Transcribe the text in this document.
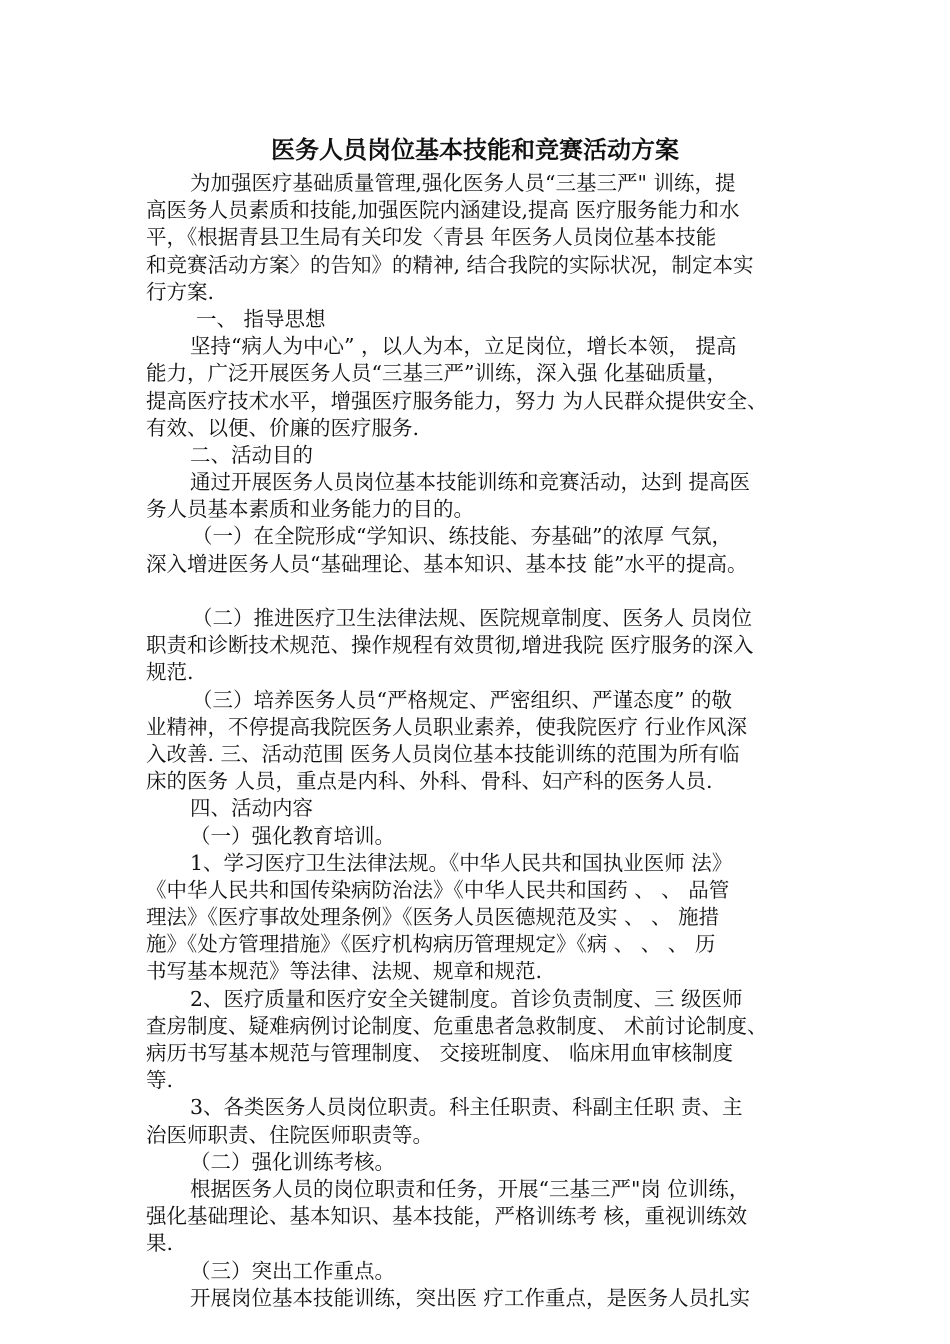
医务人员岗位基本技能和竞赛活动方案
为加强医疗基础质量管理,强化医务人员“三基三严" 训练，提
高医务人员素质和技能,加强医院内涵建设,提高 医疗服务能力和水
平，《根据青县卫生局有关印发〈青县 年医务人员岗位基本技能
和竞赛活动方案〉的告知》的精神, 结合我院的实际状况，制定本实
行方案.
一、 指导思想
坚持“病人为中心” ，以人为本，立足岗位，增长本领， 提高
能力，广泛开展医务人员“三基三严”训练，深入强 化基础质量，
提高医疗技术水平，增强医疗服务能力，努力 为人民群众提供安全、
有效、以便、价廉的医疗服务.
二、活动目的
通过开展医务人员岗位基本技能训练和竞赛活动，达到 提高医
务人员基本素质和业务能力的目的。
（一）在全院形成“学知识、练技能、夯基础”的浓厚 气氛，
深入增进医务人员“基础理论、基本知识、基本技 能”水平的提高。
（二）推进医疗卫生法律法规、医院规章制度、医务人 员岗位
职责和诊断技术规范、操作规程有效贯彻,增进我院 医疗服务的深入
规范.
（三）培养医务人员“严格规定、严密组织、严谨态度” 的敬
业精神，不停提高我院医务人员职业素养，使我院医疗 行业作风深
入改善. 三、活动范围 医务人员岗位基本技能训练的范围为所有临
床的医务 人员，重点是内科、外科、骨科、妇产科的医务人员.
四、活动内容
（一）强化教育培训。
1、学习医疗卫生法律法规。《中华人民共和国执业医师 法》
《中华人民共和国传染病防治法》《中华人民共和国药 、 、 品管
理法》《医疗事故处理条例》《医务人员医德规范及实 、 、 施措
施》《处方管理措施》《医疗机构病历管理规定》《病 、 、 、 历
书写基本规范》等法律、法规、规章和规范.
2、医疗质量和医疗安全关键制度。首诊负责制度、三 级医师
查房制度、疑难病例讨论制度、危重患者急救制度、 术前讨论制度、
病历书写基本规范与管理制度、 交接班制度、 临床用血审核制度
等.
3、各类医务人员岗位职责。科主任职责、科副主任职 责、主
治医师职责、住院医师职责等。
（二）强化训练考核。
根据医务人员的岗位职责和任务，开展“三基三严"岗 位训练，
强化基础理论、基本知识、基本技能，严格训练考 核，重视训练效
果.
（三）突出工作重点。
开展岗位基本技能训练，突出医 疗工作重点，是医务人员扎实
